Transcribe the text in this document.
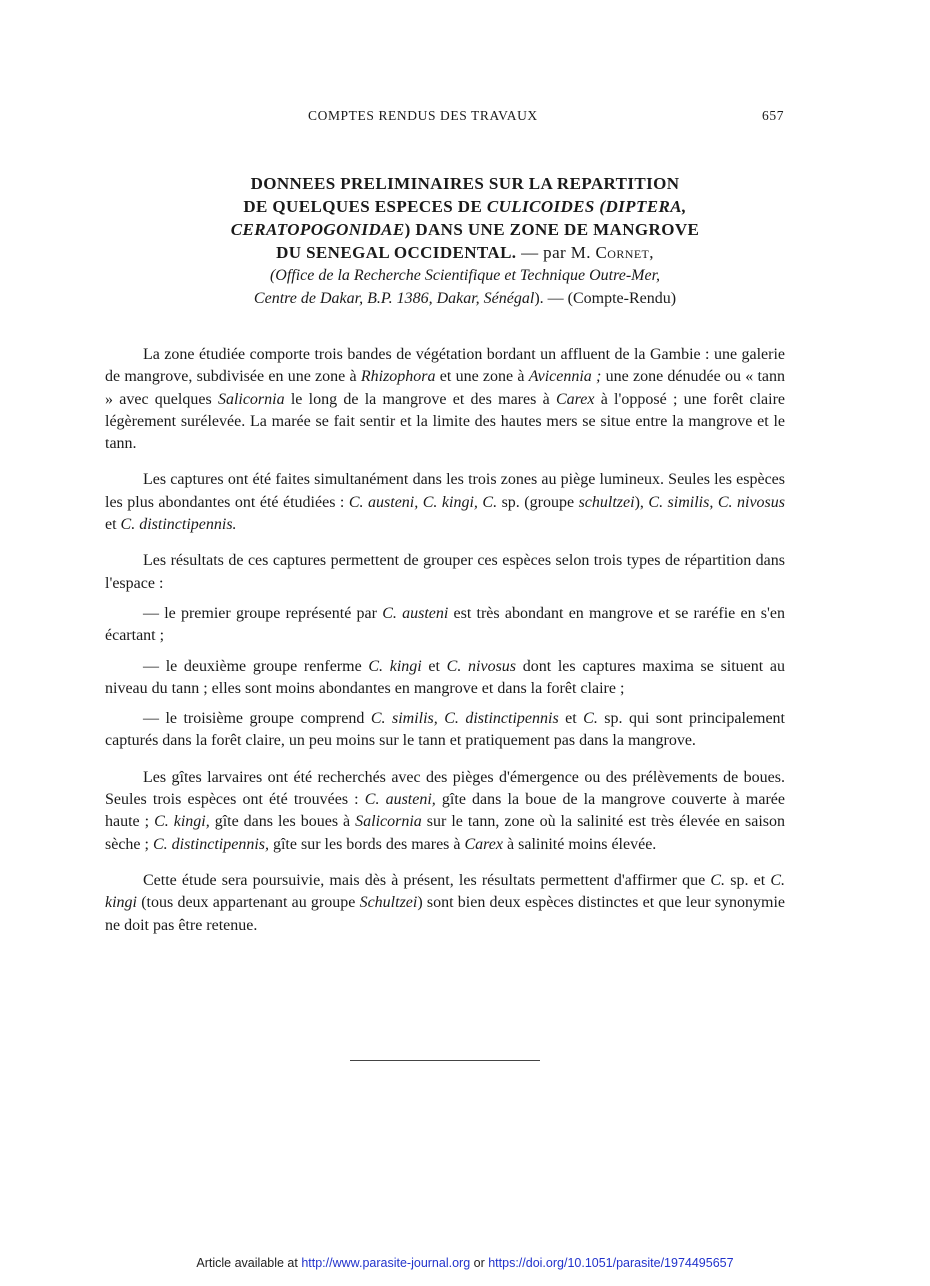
COMPTES RENDUS DES TRAVAUX	657

DONNEES PRELIMINAIRES SUR LA REPARTITION

DE QUELQUES ESPECES DE CULICOIDES (DIPTERA,

CERATOPOGONIDAE) DANS UNE ZONE DE MANGROVE

DU SENEGAL OCCIDENTAL. — par M. Cornet,

(Office de la Recherche Scientifique et Technique Outre-Mer,

Centre de Dakar, B.P. 1386, Dakar, Sénégal). — (Compte-Rendu)

La zone étudiée comporte trois bandes de végétation bordant un affluent de la Gambie : une galerie de mangrove, subdivisée en une zone à Rhizophora et une zone à Avicennia ; une zone dénudée ou « tann » avec quelques Salicornia le long de la mangrove et des mares à Carex à l'opposé ; une forêt claire légèrement surélevée. La marée se fait sentir et la limite des hautes mers se situe entre la mangrove et le tann.

Les captures ont été faites simultanément dans les trois zones au piège lumineux. Seules les espèces les plus abondantes ont été étudiées : C. austeni, C. kingi, C. sp. (groupe schultzei), C. similis, C. nivosus et C. distinctipennis.

Les résultats de ces captures permettent de grouper ces espèces selon trois types de répartition dans l'espace :

— le premier groupe représenté par C. austeni est très abondant en mangrove et se raréfie en s'en écartant ;

— le deuxième groupe renferme C. kingi et C. nivosus dont les captures maxima se situent au niveau du tann ; elles sont moins abondantes en mangrove et dans la forêt claire ;

— le troisième groupe comprend C. similis, C. distinctipennis et C. sp. qui sont principalement capturés dans la forêt claire, un peu moins sur le tann et pratiquement pas dans la mangrove.

Les gîtes larvaires ont été recherchés avec des pièges d'émergence ou des prélèvements de boues. Seules trois espèces ont été trouvées : C. austeni, gîte dans la boue de la mangrove couverte à marée haute ; C. kingi, gîte dans les boues à Salicornia sur le tann, zone où la salinité est très élevée en saison sèche ; C. distinctipennis, gîte sur les bords des mares à Carex à salinité moins élevée.

Cette étude sera poursuivie, mais dès à présent, les résultats permettent d'affirmer que C. sp. et C. kingi (tous deux appartenant au groupe Schultzei) sont bien deux espèces distinctes et que leur synonymie ne doit pas être retenue.

Article available at http://www.parasite-journal.org or https://doi.org/10.1051/parasite/1974495657
